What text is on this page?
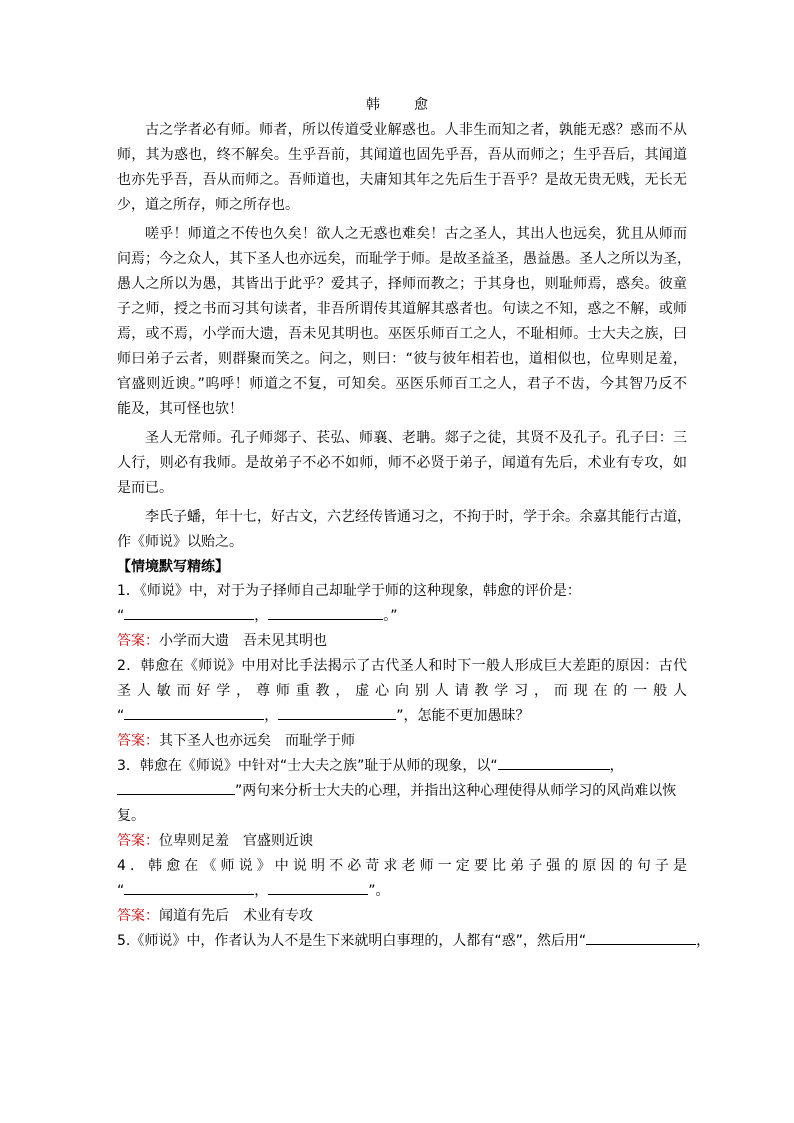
韩　愈

古之学者必有师。师者，所以传道受业解惑也。人非生而知之者，孰能无惑？惑而不从

师，其为惑也，终不解矣。生乎吾前，其闻道也固先乎吾，吾从而师之；生乎吾后，其闻道

也亦先乎吾，吾从而师之。吾师道也，夫庸知其年之先后生于吾乎？是故无贵无贱，无长无

少，道之所存，师之所存也。

嗟乎！师道之不传也久矣！欲人之无惑也难矣！古之圣人，其出人也远矣，犹且从师而

问焉；今之众人，其下圣人也亦远矣，而耻学于师。是故圣益圣，愚益愚。圣人之所以为圣，

愚人之所以为愚，其皆出于此乎？爱其子，择师而教之；于其身也，则耻师焉，惑矣。彼童

子之师，授之书而习其句读者，非吾所谓传其道解其惑者也。句读之不知，惑之不解，或师

焉，或不焉，小学而大遗，吾未见其明也。巫医乐师百工之人，不耻相师。士大夫之族，曰

师曰弟子云者，则群聚而笑之。问之，则曰：“彼与彼年相若也，道相似也，位卑则足羞，

官盛则近谀。”呜呼！师道之不复，可知矣。巫医乐师百工之人，君子不齿，今其智乃反不

能及，其可怪也欤！

圣人无常师。孔子师郯子、苌弘、师襄、老聃。郯子之徒，其贤不及孔子。孔子曰：三

人行，则必有我师。是故弟子不必不如师，师不必贤于弟子，闻道有先后，术业有专攻，如

是而已。

李氏子蟠，年十七，好古文，六艺经传皆通习之，不拘于时，学于余。余嘉其能行古道，

作《师说》以贻之。

【情境默写精练】

1．《师说》中，对于为子择师自己却耻学于师的这种现象，韩愈的评价是：

“	，	。”

答案：小学而大遗　吾未见其明也

2．韩愈在《师说》中用对比手法揭示了古代圣人和时下一般人形成巨大差距的原因：古代

圣人敏而好学，尊师重教，虚心向别人请教学习，而现在的一般人

“	，	”，怎能不更加愚昧？

答案：其下圣人也亦远矣　而耻学于师

3．韩愈在《师说》中针对“士大夫之族”耻于从师的现象，以“	，

”两句来分析士大夫的心理，并指出这种心理使得从师学习的风尚难以恢

复。

答案：位卑则足羞　官盛则近谀

4．韩愈在《师说》中说明不必苛求老师一定要比弟子强的原因的句子是

“	，	”。

答案：闻道有先后　术业有专攻

5.《师说》中，作者认为人不是生下来就明白事理的，人都有“惑”，然后用“	，
